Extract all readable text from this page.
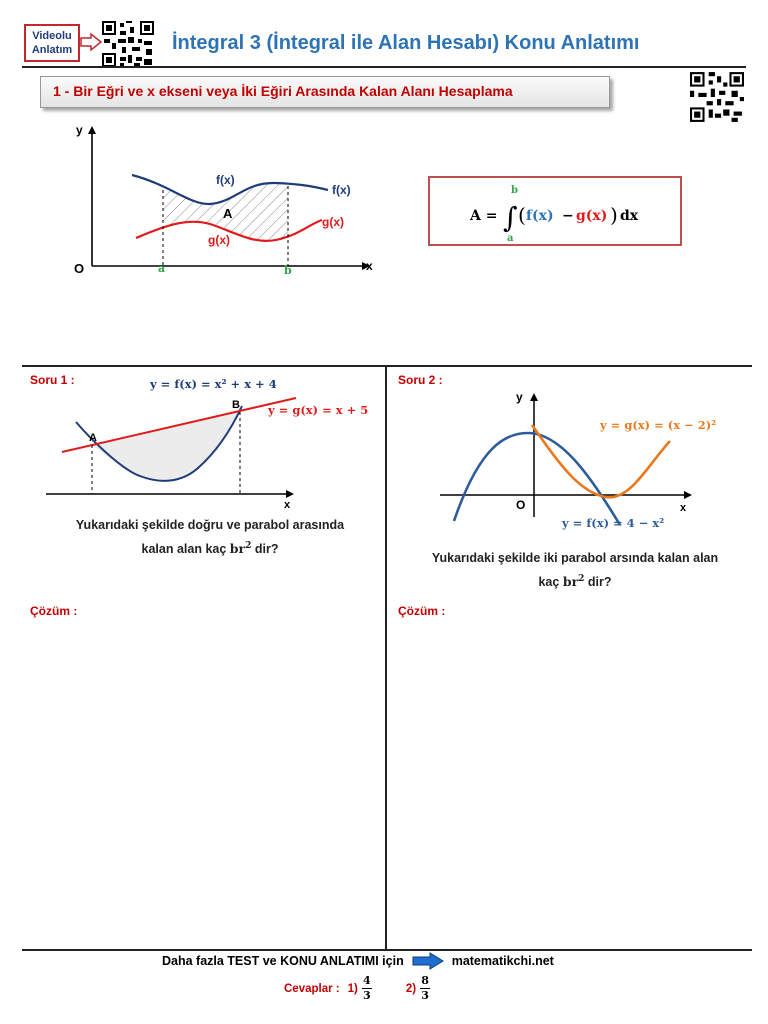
Videolu
Anlatım	İntegral 3 (İntegral ile Alan Hesabı) Konu Anlatımı
1 - Bir Eğri ve x ekseni veya İki Eğiri Arasında Kalan Alanı Hesaplama
y
x
O	a	b
f(x)
f(x)
g(x)
g(x)
A	A = ∫
b
a
( f(x) − g(x) ) dx
Soru 1 :
x
A
B
y = f(x) = x² + x + 4
y = g(x) = x + 5
Yukarıdaki şekilde doğru ve parabol arasında
kalan alan kaç $br^2$ dir?
Çözüm :
Soru 2 :
y
x
O
y = g(x) = (x − 2)²
y = f(x) = 4 − x²
Yukarıdaki şekilde iki parabol arsında kalan alan
kaç $br^2$ dir?
Çözüm :
Daha fazla TEST ve KONU ANLATIMI için	matematikchi.net
Cevaplar : $1) \frac{4}{3}$	$2) \frac{8}{3}$
